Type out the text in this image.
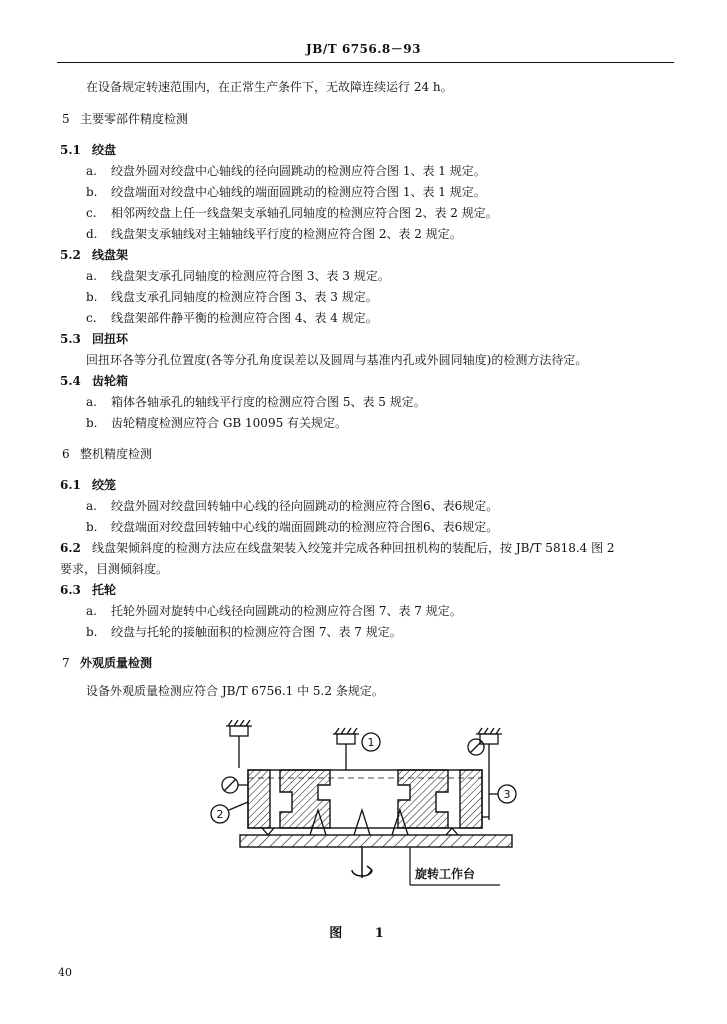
JB/T 6756.8－93
在设备规定转速范围内，在正常生产条件下，无故障连续运行 24 h。
5 主要零部件精度检测
5.1 绞盘
a. 绞盘外圆对绞盘中心轴线的径向圆跳动的检测应符合图 1、表 1 规定。
b. 绞盘端面对绞盘中心轴线的端面圆跳动的检测应符合图 1、表 1 规定。
c. 相邻两绞盘上任一线盘架支承轴孔同轴度的检测应符合图 2、表 2 规定。
d. 线盘架支承轴线对主轴轴线平行度的检测应符合图 2、表 2 规定。
5.2 线盘架
a. 线盘架支承孔同轴度的检测应符合图 3、表 3 规定。
b. 线盘支承孔同轴度的检测应符合图 3、表 3 规定。
c. 线盘架部件静平衡的检测应符合图 4、表 4 规定。
5.3 回扭环
回扭环各等分孔位置度(各等分孔角度误差以及圆周与基准内孔或外圆同轴度)的检测方法待定。
5.4 齿轮箱
a. 箱体各轴承孔的轴线平行度的检测应符合图 5、表 5 规定。
b. 齿轮精度检测应符合 GB 10095 有关规定。
6 整机精度检测
6.1 绞笼
a. 绞盘外圆对绞盘回转轴中心线的径向圆跳动的检测应符合图6、表6规定。
b. 绞盘端面对绞盘回转轴中心线的端面圆跳动的检测应符合图6、表6规定。
6.2 线盘架倾斜度的检测方法应在线盘架装入绞笼并完成各种回扭机构的装配后，按 JB/T 5818.4 图 2
要求，目测倾斜度。
6.3 托轮
a. 托轮外圆对旋转中心线径向圆跳动的检测应符合图 7、表 7 规定。
b. 绞盘与托轮的接触面积的检测应符合图 7、表 7 规定。
7 外观质量检测
设备外观质量检测应符合 JB/T 6756.1 中 5.2 条规定。
1
2
3
旋转工作台
图 1
40
